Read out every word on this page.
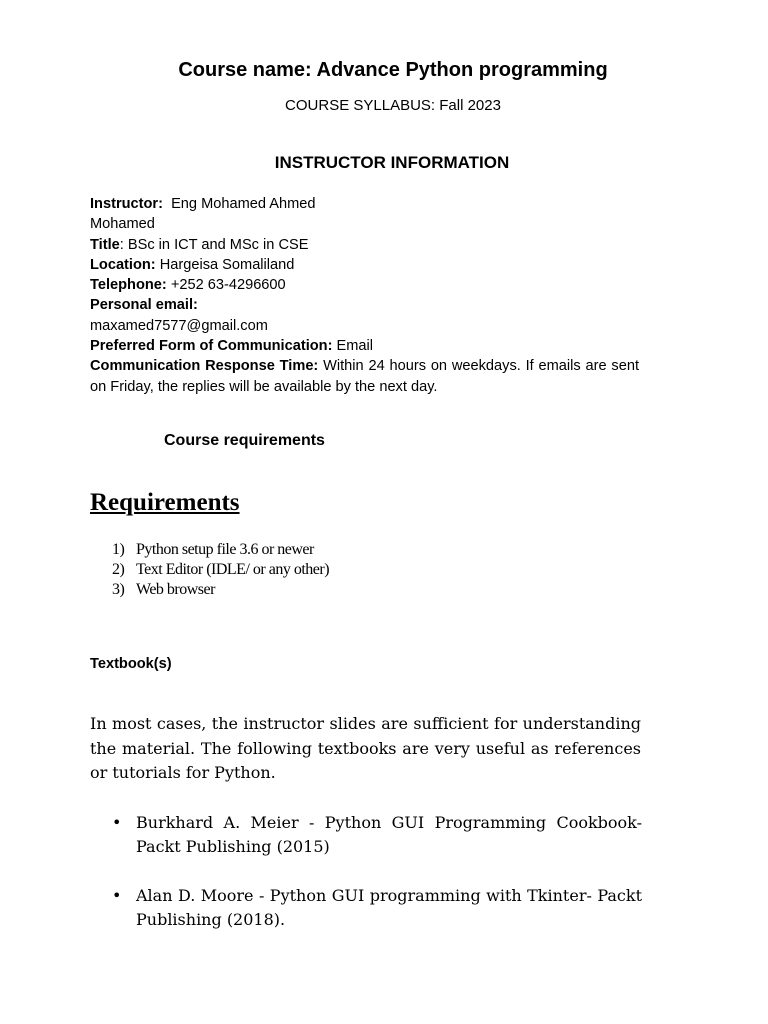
Course name: Advance Python programming
COURSE SYLLABUS: Fall 2023
INSTRUCTOR INFORMATION
Instructor: Eng Mohamed Ahmed
Mohamed
Title: BSc in ICT and MSc in CSE
Location: Hargeisa Somaliland
Telephone: +252 63-4296600
Personal email:
maxamed7577@gmail.com
Preferred Form of Communication: Email
Communication Response Time: Within 24 hours on weekdays. If emails are sent on Friday, the replies will be available by the next day.
Course requirements
Requirements
1) Python setup file 3.6 or newer
2) Text Editor (IDLE/ or any other)
3) Web browser
Textbook(s)

In most cases, the instructor slides are sufficient for understanding the material. The following textbooks are very useful as references or tutorials for Python.

• Burkhard A. Meier - Python GUI Programming Cookbook- Packt Publishing (2015)
• Alan D. Moore - Python GUI programming with Tkinter- Packt Publishing (2018).
